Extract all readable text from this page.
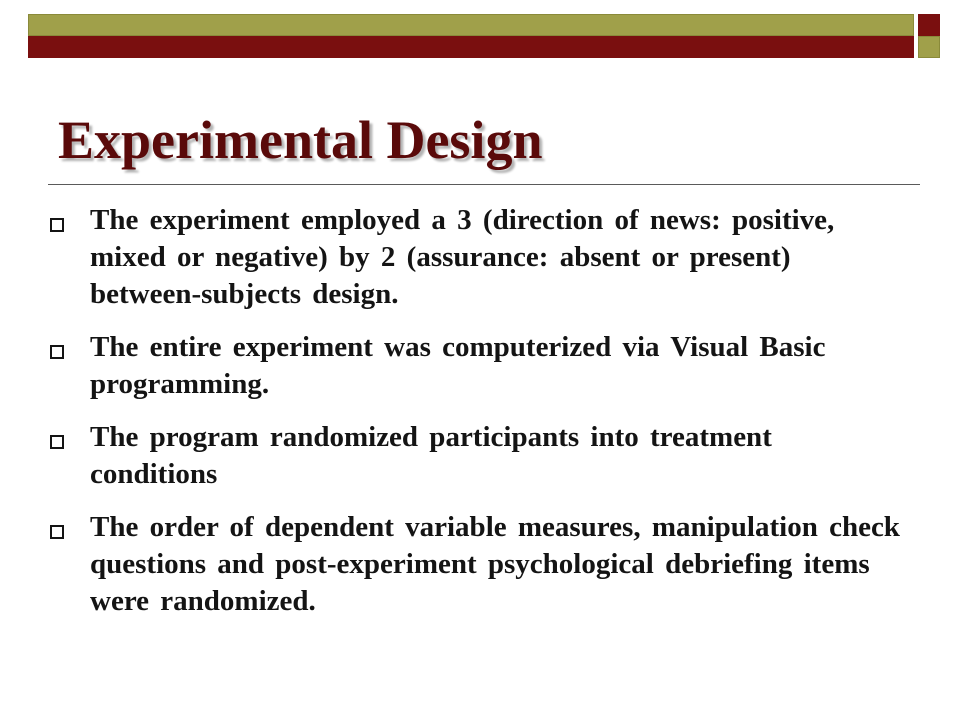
Experimental Design
The experiment employed a 3 (direction of news: positive, mixed or negative) by 2 (assurance: absent or present) between-subjects design.
The entire experiment was computerized via Visual Basic programming.
The program randomized participants into treatment conditions
The order of dependent variable measures, manipulation check questions and post-experiment psychological debriefing items were randomized.
